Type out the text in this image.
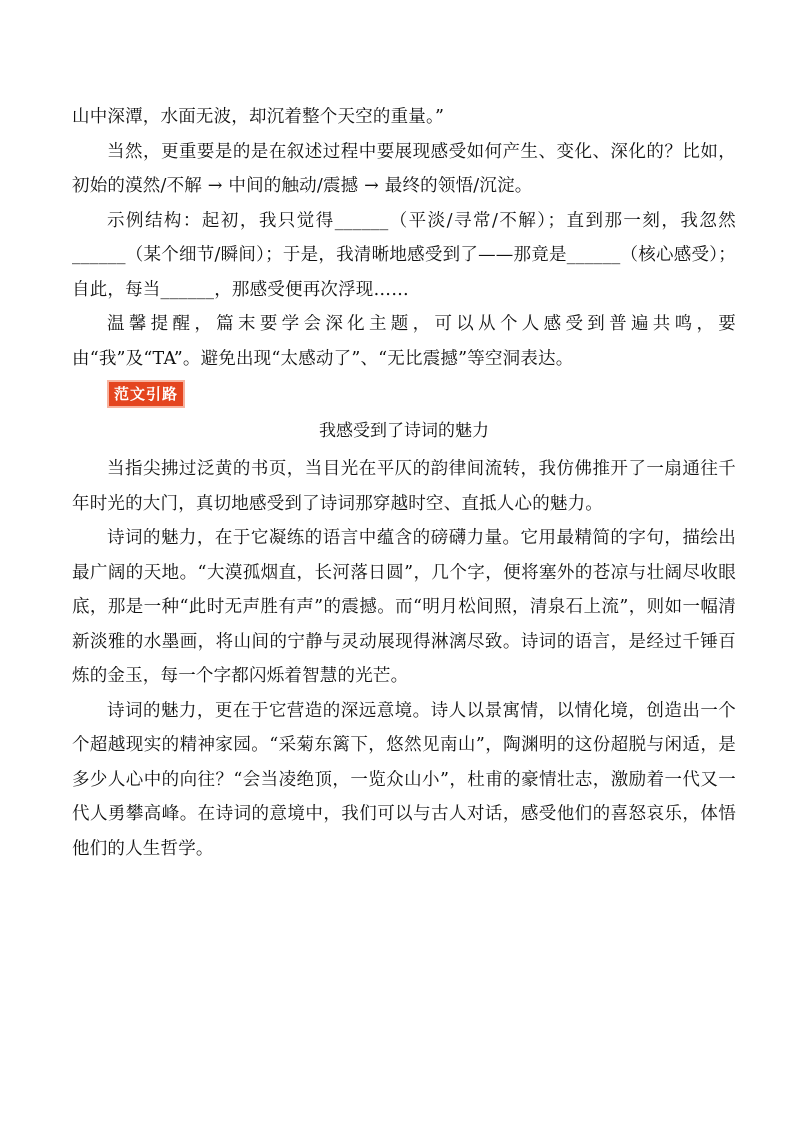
山中深潭，水面无波，却沉着整个天空的重量。”

当然，更重要是的是在叙述过程中要展现感受如何产生、变化、深化的？比如，初始的漠然/不解 → 中间的触动/震撼 → 最终的领悟/沉淀。

示例结构：起初，我只觉得______（平淡/寻常/不解）；直到那一刻，我忽然______（某个细节/瞬间）；于是，我清晰地感受到了——那竟是______（核心感受）；自此，每当______，那感受便再次浮现……

温馨提醒，篇末要学会深化主题，可以从个人感受到普遍共鸣，要由“我”及“TA”。避免出现“太感动了”、“无比震撼”等空洞表达。

范文引路
我感受到了诗词的魅力

当指尖拂过泛黄的书页，当目光在平仄的韵律间流转，我仿佛推开了一扇通往千年时光的大门，真切地感受到了诗词那穿越时空、直抵人心的魅力。

诗词的魅力，在于它凝练的语言中蕴含的磅礴力量。它用最精简的字句，描绘出最广阔的天地。“大漠孤烟直，长河落日圆”，几个字，便将塞外的苍凉与壮阔尽收眼底，那是一种“此时无声胜有声”的震撼。而“明月松间照，清泉石上流”，则如一幅清新淡雅的水墨画，将山间的宁静与灵动展现得淋漓尽致。诗词的语言，是经过千锤百炼的金玉，每一个字都闪烁着智慧的光芒。

诗词的魅力，更在于它营造的深远意境。诗人以景寓情，以情化境，创造出一个个超越现实的精神家园。“采菊东篱下，悠然见南山”，陶渊明的这份超脱与闲适，是多少人心中的向往？“会当凌绝顶，一览众山小”，杜甫的豪情壮志，激励着一代又一代人勇攀高峰。在诗词的意境中，我们可以与古人对话，感受他们的喜怒哀乐，体悟他们的人生哲学。
